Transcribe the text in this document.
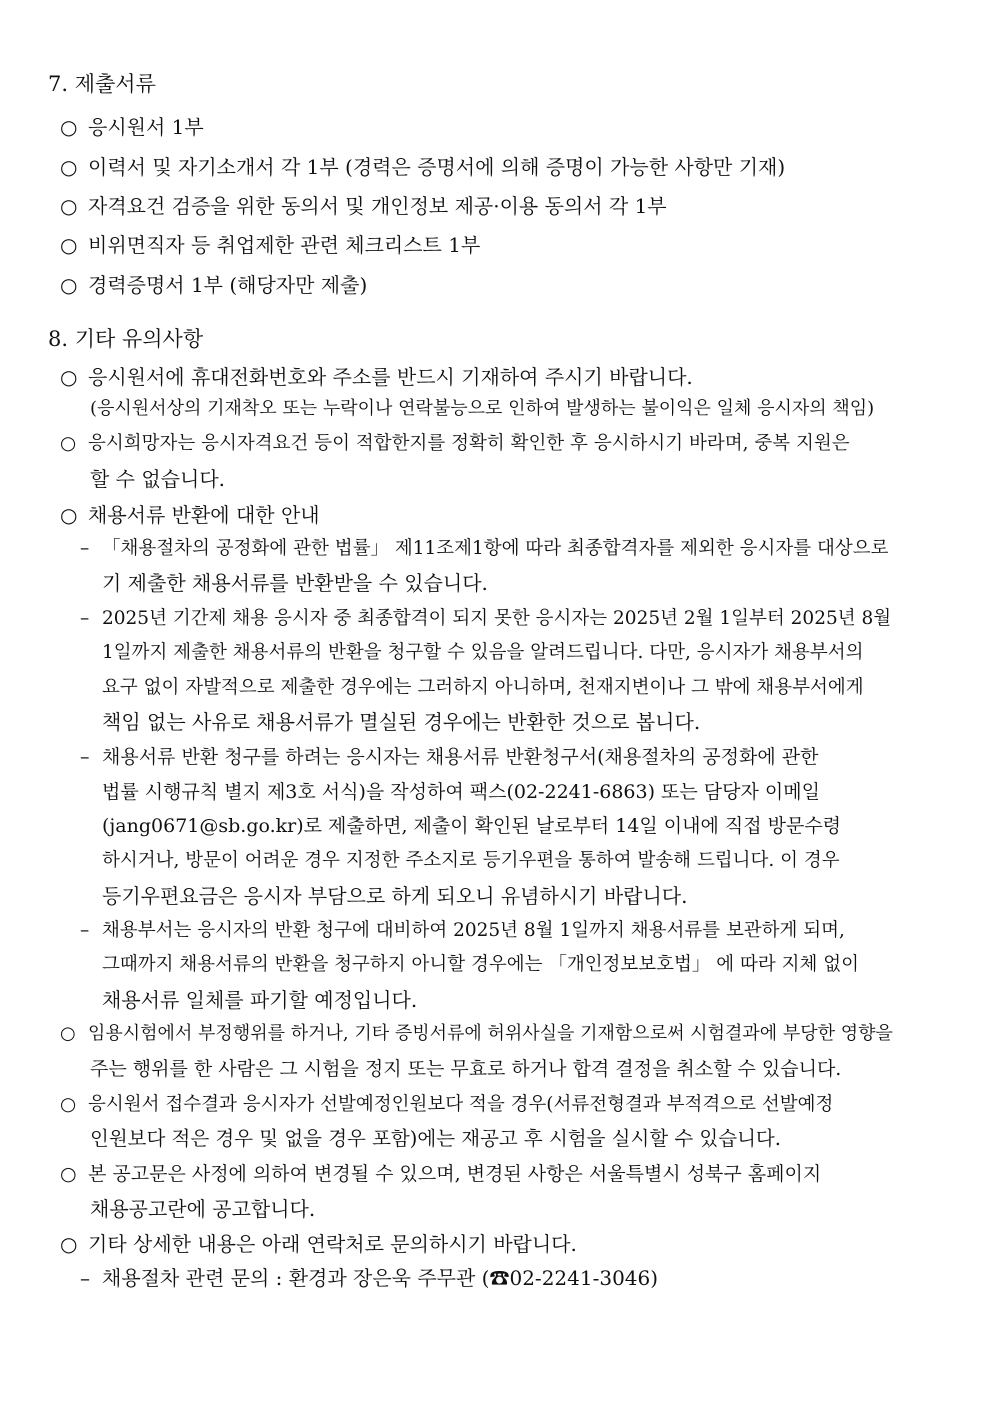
7. 제출서류
○ 응시원서 1부
○ 이력서 및 자기소개서 각 1부 (경력은 증명서에 의해 증명이 가능한 사항만 기재)
○ 자격요건 검증을 위한 동의서 및 개인정보 제공·이용 동의서 각 1부
○ 비위면직자 등 취업제한 관련 체크리스트 1부
○ 경력증명서 1부 (해당자만 제출)
8. 기타 유의사항
○ 응시원서에 휴대전화번호와 주소를 반드시 기재하여 주시기 바랍니다.
(응시원서상의 기재착오 또는 누락이나 연락불능으로 인하여 발생하는 불이익은 일체 응시자의 책임)
○ 응시희망자는 응시자격요건 등이 적합한지를 정확히 확인한 후 응시하시기 바라며, 중복 지원은
할 수 없습니다.
○ 채용서류 반환에 대한 안내
– 「채용절차의 공정화에 관한 법률」 제11조제1항에 따라 최종합격자를 제외한 응시자를 대상으로
기 제출한 채용서류를 반환받을 수 있습니다.
– 2025년 기간제 채용 응시자 중 최종합격이 되지 못한 응시자는 2025년 2월 1일부터 2025년 8월
1일까지 제출한 채용서류의 반환을 청구할 수 있음을 알려드립니다. 다만, 응시자가 채용부서의
요구 없이 자발적으로 제출한 경우에는 그러하지 아니하며, 천재지변이나 그 밖에 채용부서에게
책임 없는 사유로 채용서류가 멸실된 경우에는 반환한 것으로 봅니다.
– 채용서류 반환 청구를 하려는 응시자는 채용서류 반환청구서(채용절차의 공정화에 관한
법률 시행규칙 별지 제3호 서식)을 작성하여 팩스(02-2241-6863) 또는 담당자 이메일
(jang0671@sb.go.kr)로 제출하면, 제출이 확인된 날로부터 14일 이내에 직접 방문수령
하시거나, 방문이 어려운 경우 지정한 주소지로 등기우편을 통하여 발송해 드립니다. 이 경우
등기우편요금은 응시자 부담으로 하게 되오니 유념하시기 바랍니다.
– 채용부서는 응시자의 반환 청구에 대비하여 2025년 8월 1일까지 채용서류를 보관하게 되며,
그때까지 채용서류의 반환을 청구하지 아니할 경우에는 「개인정보보호법」 에 따라 지체 없이
채용서류 일체를 파기할 예정입니다.
○ 임용시험에서 부정행위를 하거나, 기타 증빙서류에 허위사실을 기재함으로써 시험결과에 부당한 영향을
주는 행위를 한 사람은 그 시험을 정지 또는 무효로 하거나 합격 결정을 취소할 수 있습니다.
○ 응시원서 접수결과 응시자가 선발예정인원보다 적을 경우(서류전형결과 부적격으로 선발예정
인원보다 적은 경우 및 없을 경우 포함)에는 재공고 후 시험을 실시할 수 있습니다.
○ 본 공고문은 사정에 의하여 변경될 수 있으며, 변경된 사항은 서울특별시 성북구 홈페이지
채용공고란에 공고합니다.
○ 기타 상세한 내용은 아래 연락처로 문의하시기 바랍니다.
– 채용절차 관련 문의 : 환경과 장은욱 주무관 (☎02-2241-3046)
